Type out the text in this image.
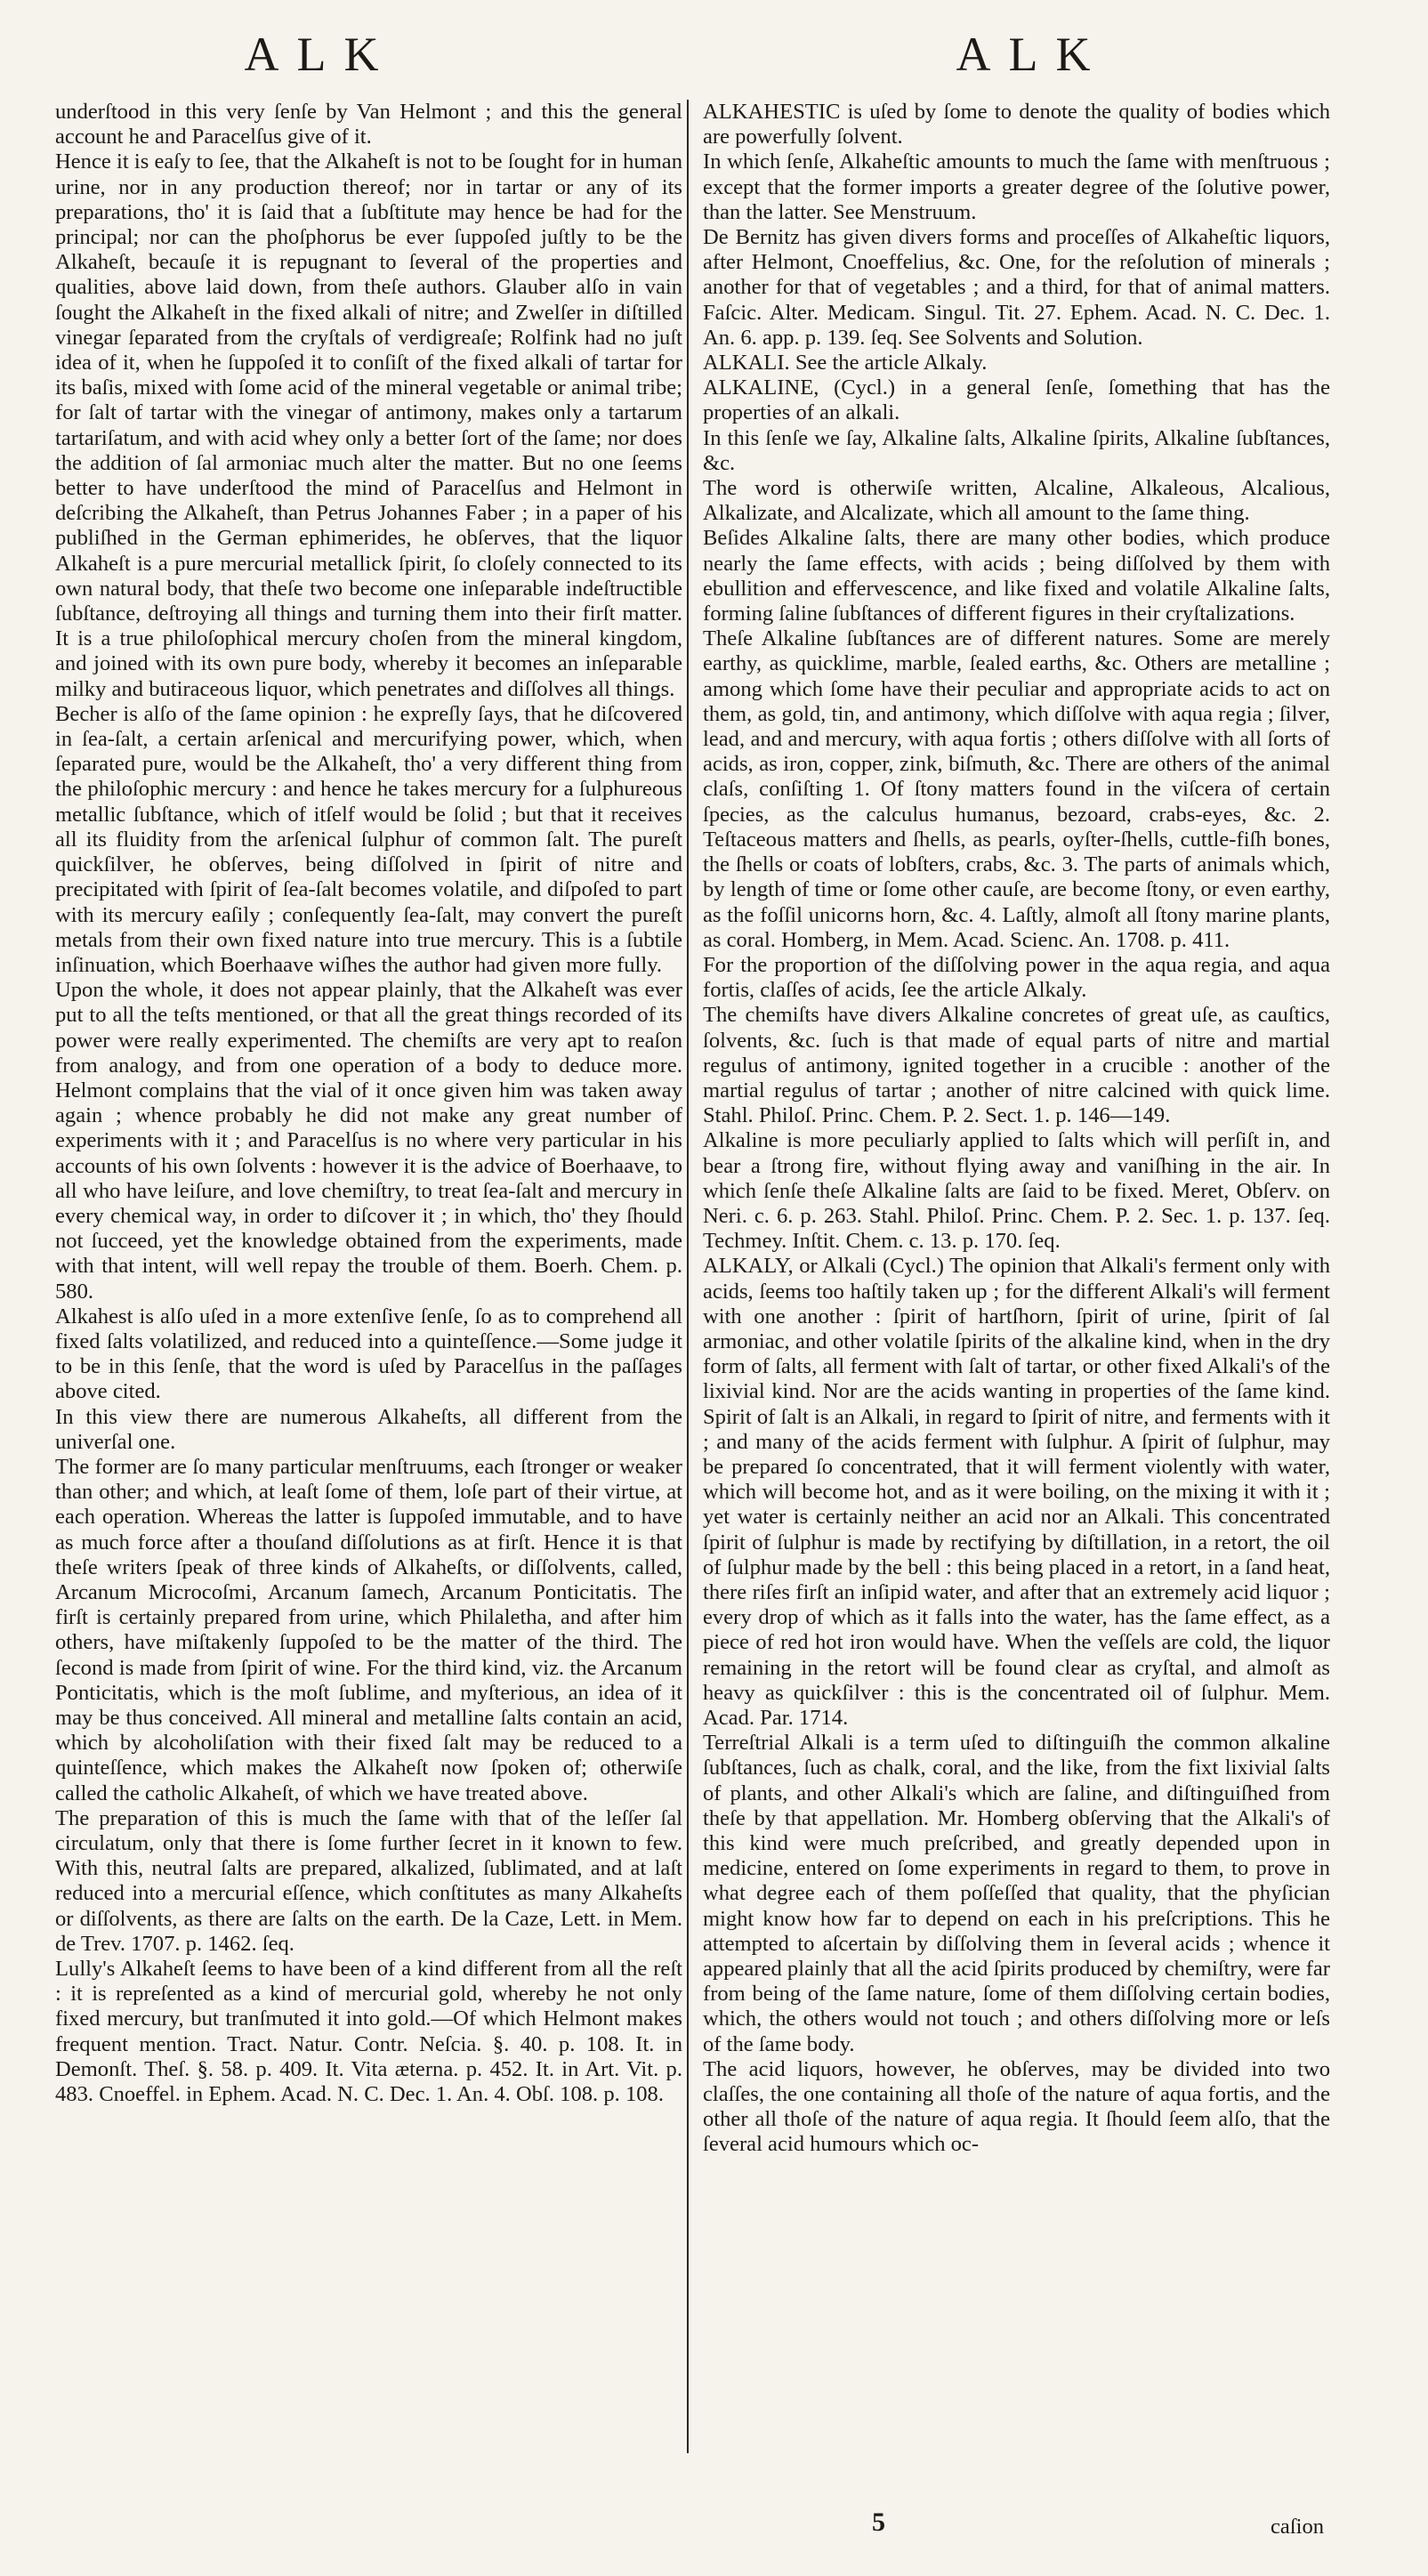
ALK	ALK

underſtood in this very ſenſe by Van Helmont ; and this the general account he and Paracelſus give of it.

Hence it is eaſy to ſee, that the Alkaheſt is not to be ſought for in human urine, nor in any production thereof; nor in tartar or any of its preparations, tho' it is ſaid that a ſubſtitute may hence be had for the principal; nor can the phoſphorus be ever ſuppoſed juſtly to be the Alkaheſt, becauſe it is repugnant to ſeveral of the properties and qualities, above laid down, from theſe authors. Glauber alſo in vain ſought the Alkaheſt in the fixed alkali of nitre; and Zwelſer in diſtilled vinegar ſeparated from the cryſtals of verdigreaſe; Rolfink had no juſt idea of it, when he ſuppoſed it to conſiſt of the fixed alkali of tartar for its baſis, mixed with ſome acid of the mineral vegetable or animal tribe; for ſalt of tartar with the vinegar of antimony, makes only a tartarum tartariſatum, and with acid whey only a better ſort of the ſame; nor does the addition of ſal armoniac much alter the matter. But no one ſeems better to have underſtood the mind of Paracelſus and Helmont in deſcribing the Alkaheſt, than Petrus Johannes Faber ; in a paper of his publiſhed in the German ephimerides, he obſerves, that the liquor Alkaheſt is a pure mercurial metallick ſpirit, ſo cloſely connected to its own natural body, that theſe two become one inſeparable indeſtructible ſubſtance, deſtroying all things and turning them into their firſt matter. It is a true philoſophical mercury choſen from the mineral kingdom, and joined with its own pure body, whereby it becomes an inſeparable milky and butiraceous liquor, which penetrates and diſſolves all things.

Becher is alſo of the ſame opinion : he expreſly ſays, that he diſcovered in ſea-ſalt, a certain arſenical and mercurifying power, which, when ſeparated pure, would be the Alkaheſt, tho' a very different thing from the philoſophic mercury : and hence he takes mercury for a ſulphureous metallic ſubſtance, which of itſelf would be ſolid ; but that it receives all its fluidity from the arſenical ſulphur of common ſalt. The pureſt quickſilver, he obſerves, being diſſolved in ſpirit of nitre and precipitated with ſpirit of ſea-ſalt becomes volatile, and diſpoſed to part with its mercury eaſily ; conſequently ſea-ſalt, may convert the pureſt metals from their own fixed nature into true mercury. This is a ſubtile inſinuation, which Boerhaave wiſhes the author had given more fully.

Upon the whole, it does not appear plainly, that the Alkaheſt was ever put to all the teſts mentioned, or that all the great things recorded of its power were really experimented. The chemiſts are very apt to reaſon from analogy, and from one operation of a body to deduce more. Helmont complains that the vial of it once given him was taken away again ; whence probably he did not make any great number of experiments with it ; and Paracelſus is no where very particular in his accounts of his own ſolvents : however it is the advice of Boerhaave, to all who have leiſure, and love chemiſtry, to treat ſea-ſalt and mercury in every chemical way, in order to diſcover it ; in which, tho' they ſhould not ſucceed, yet the knowledge obtained from the experiments, made with that intent, will well repay the trouble of them. Boerh. Chem. p. 580.

Alkahest is alſo uſed in a more extenſive ſenſe, ſo as to comprehend all fixed ſalts volatilized, and reduced into a quinteſſence.—Some judge it to be in this ſenſe, that the word is uſed by Paracelſus in the paſſages above cited.

In this view there are numerous Alkaheſts, all different from the univerſal one.

The former are ſo many particular menſtruums, each ſtronger or weaker than other; and which, at leaſt ſome of them, loſe part of their virtue, at each operation. Whereas the latter is ſuppoſed immutable, and to have as much force after a thouſand diſſolutions as at firſt. Hence it is that theſe writers ſpeak of three kinds of Alkaheſts, or diſſolvents, called, Arcanum Microcoſmi, Arcanum ſamech, Arcanum Ponticitatis. The firſt is certainly prepared from urine, which Philaletha, and after him others, have miſtakenly ſuppoſed to be the matter of the third. The ſecond is made from ſpirit of wine. For the third kind, viz. the Arcanum Ponticitatis, which is the moſt ſublime, and myſterious, an idea of it may be thus conceived. All mineral and metalline ſalts contain an acid, which by alcoholiſation with their fixed ſalt may be reduced to a quinteſſence, which makes the Alkaheſt now ſpoken of; otherwiſe called the catholic Alkaheſt, of which we have treated above.

The preparation of this is much the ſame with that of the leſſer ſal circulatum, only that there is ſome further ſecret in it known to few. With this, neutral ſalts are prepared, alkalized, ſublimated, and at laſt reduced into a mercurial eſſence, which conſtitutes as many Alkaheſts or diſſolvents, as there are ſalts on the earth. De la Caze, Lett. in Mem. de Trev. 1707. p. 1462. ſeq.

Lully's Alkaheſt ſeems to have been of a kind different from all the reſt : it is repreſented as a kind of mercurial gold, whereby he not only fixed mercury, but tranſmuted it into gold.—Of which Helmont makes frequent mention. Tract. Natur. Contr. Neſcia. §. 40. p. 108. It. in Demonſt. Theſ. §. 58. p. 409. It. Vita æterna. p. 452. It. in Art. Vit. p. 483. Cnoeffel. in Ephem. Acad. N. C. Dec. 1. An. 4. Obſ. 108. p. 108.

ALKAHESTIC is uſed by ſome to denote the quality of bodies which are powerfully ſolvent.

In which ſenſe, Alkaheſtic amounts to much the ſame with menſtruous ; except that the former imports a greater degree of the ſolutive power, than the latter. See Menstruum.

De Bernitz has given divers forms and proceſſes of Alkaheſtic liquors, after Helmont, Cnoeffelius, &c. One, for the reſolution of minerals ; another for that of vegetables ; and a third, for that of animal matters. Faſcic. Alter. Medicam. Singul. Tit. 27. Ephem. Acad. N. C. Dec. 1. An. 6. app. p. 139. ſeq. See Solvents and Solution.

ALKALI. See the article Alkaly.

ALKALINE, (Cycl.) in a general ſenſe, ſomething that has the properties of an alkali.

In this ſenſe we ſay, Alkaline ſalts, Alkaline ſpirits, Alkaline ſubſtances, &c.

The word is otherwiſe written, Alcaline, Alkaleous, Alcalious, Alkalizate, and Alcalizate, which all amount to the ſame thing.

Beſides Alkaline ſalts, there are many other bodies, which produce nearly the ſame effects, with acids ; being diſſolved by them with ebullition and effervescence, and like fixed and volatile Alkaline ſalts, forming ſaline ſubſtances of different figures in their cryſtalizations.

Theſe Alkaline ſubſtances are of different natures. Some are merely earthy, as quicklime, marble, ſealed earths, &c. Others are metalline ; among which ſome have their peculiar and appropriate acids to act on them, as gold, tin, and antimony, which diſſolve with aqua regia ; ſilver, lead, and and mercury, with aqua fortis ; others diſſolve with all ſorts of acids, as iron, copper, zink, biſmuth, &c. There are others of the animal claſs, conſiſting 1. Of ſtony matters found in the viſcera of certain ſpecies, as the calculus humanus, bezoard, crabs-eyes, &c. 2. Teſtaceous matters and ſhells, as pearls, oyſter-ſhells, cuttle-fiſh bones, the ſhells or coats of lobſters, crabs, &c. 3. The parts of animals which, by length of time or ſome other cauſe, are become ſtony, or even earthy, as the foſſil unicorns horn, &c. 4. Laſtly, almoſt all ſtony marine plants, as coral. Homberg, in Mem. Acad. Scienc. An. 1708. p. 411.

For the proportion of the diſſolving power in the aqua regia, and aqua fortis, claſſes of acids, ſee the article Alkaly.

The chemiſts have divers Alkaline concretes of great uſe, as cauſtics, ſolvents, &c. ſuch is that made of equal parts of nitre and martial regulus of antimony, ignited together in a crucible : another of the martial regulus of tartar ; another of nitre calcined with quick lime. Stahl. Philoſ. Princ. Chem. P. 2. Sect. 1. p. 146—149.

Alkaline is more peculiarly applied to ſalts which will perſiſt in, and bear a ſtrong fire, without flying away and vaniſhing in the air. In which ſenſe theſe Alkaline ſalts are ſaid to be fixed. Meret, Obſerv. on Neri. c. 6. p. 263. Stahl. Philoſ. Princ. Chem. P. 2. Sec. 1. p. 137. ſeq. Techmey. Inſtit. Chem. c. 13. p. 170. ſeq.

ALKALY, or Alkali (Cycl.) The opinion that Alkali's ferment only with acids, ſeems too haſtily taken up ; for the different Alkali's will ferment with one another : ſpirit of hartſhorn, ſpirit of urine, ſpirit of ſal armoniac, and other volatile ſpirits of the alkaline kind, when in the dry form of ſalts, all ferment with ſalt of tartar, or other fixed Alkali's of the lixivial kind. Nor are the acids wanting in properties of the ſame kind. Spirit of ſalt is an Alkali, in regard to ſpirit of nitre, and ferments with it ; and many of the acids ferment with ſulphur. A ſpirit of ſulphur, may be prepared ſo concentrated, that it will ferment violently with water, which will become hot, and as it were boiling, on the mixing it with it ; yet water is certainly neither an acid nor an Alkali. This concentrated ſpirit of ſulphur is made by rectifying by diſtillation, in a retort, the oil of ſulphur made by the bell : this being placed in a retort, in a ſand heat, there riſes firſt an inſipid water, and after that an extremely acid liquor ; every drop of which as it falls into the water, has the ſame effect, as a piece of red hot iron would have. When the veſſels are cold, the liquor remaining in the retort will be found clear as cryſtal, and almoſt as heavy as quickſilver : this is the concentrated oil of ſulphur. Mem. Acad. Par. 1714.

Terreſtrial Alkali is a term uſed to diſtinguiſh the common alkaline ſubſtances, ſuch as chalk, coral, and the like, from the fixt lixivial ſalts of plants, and other Alkali's which are ſaline, and diſtinguiſhed from theſe by that appellation. Mr. Homberg obſerving that the Alkali's of this kind were much preſcribed, and greatly depended upon in medicine, entered on ſome experiments in regard to them, to prove in what degree each of them poſſeſſed that quality, that the phyſician might know how far to depend on each in his preſcriptions. This he attempted to aſcertain by diſſolving them in ſeveral acids ; whence it appeared plainly that all the acid ſpirits produced by chemiſtry, were far from being of the ſame nature, ſome of them diſſolving certain bodies, which, the others would not touch ; and others diſſolving more or leſs of the ſame body.

The acid liquors, however, he obſerves, may be divided into two claſſes, the one containing all thoſe of the nature of aqua fortis, and the other all thoſe of the nature of aqua regia. It ſhould ſeem alſo, that the ſeveral acid humours which oc-

5	caſion
